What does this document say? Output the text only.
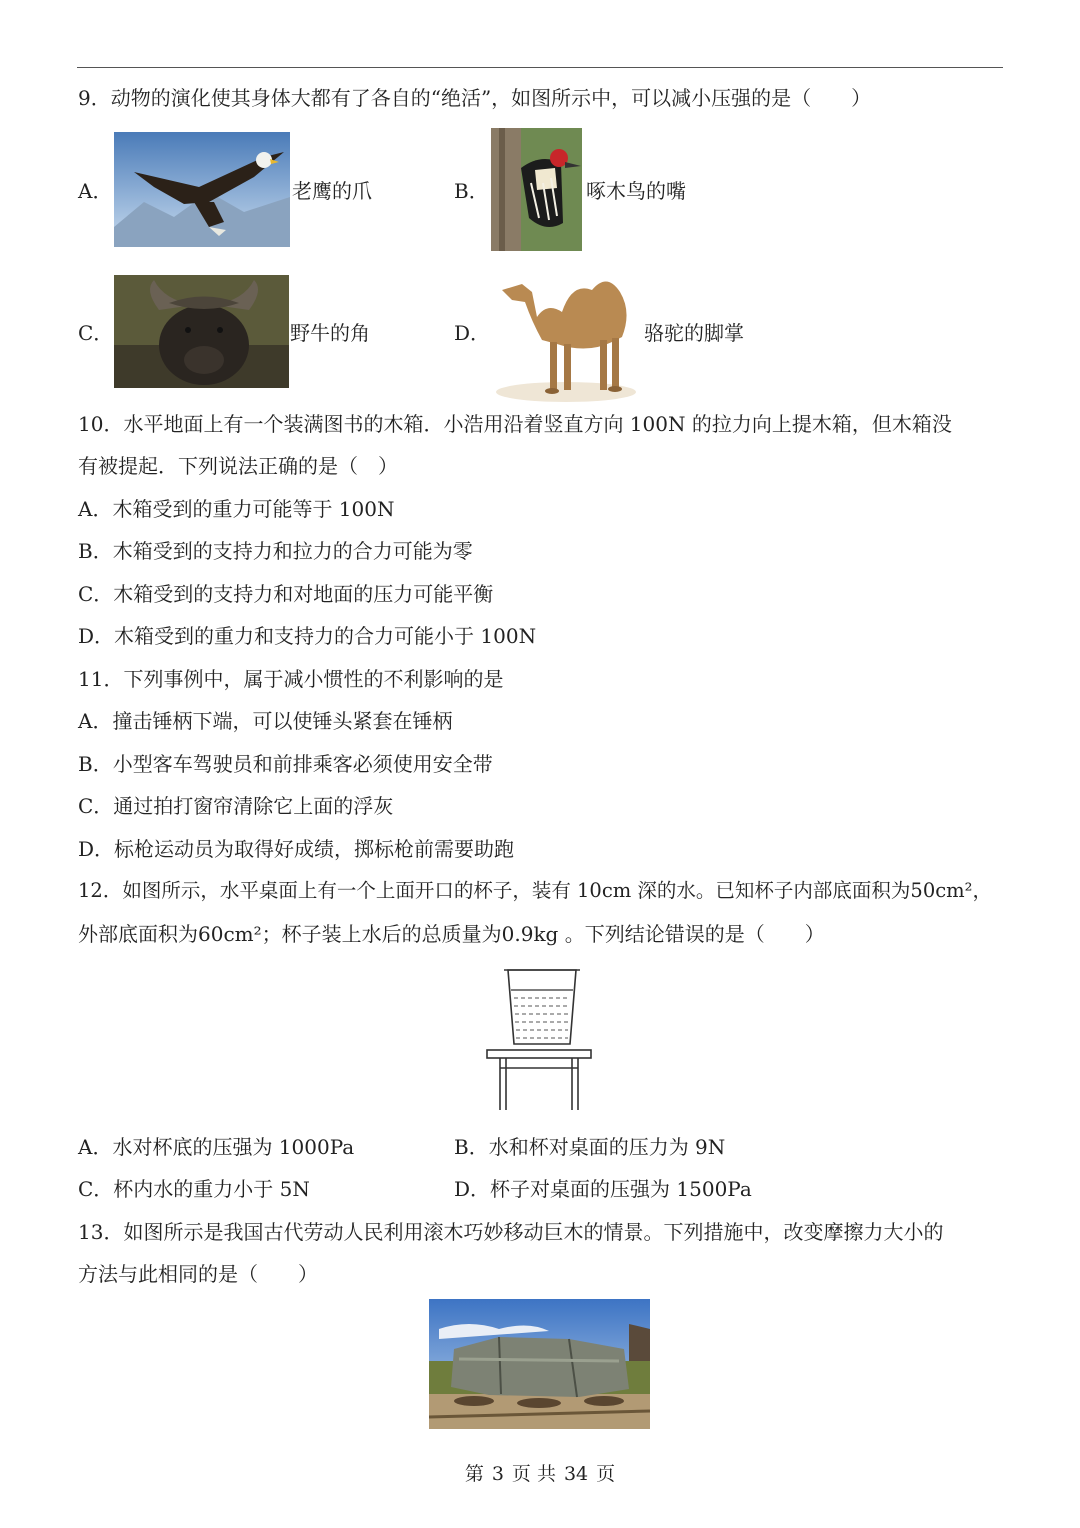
9．动物的演化使其身体大都有了各自的“绝活”，如图所示中，可以减小压强的是（　　）
A．	老鹰的爪	B．	啄木鸟的嘴
C．	野牛的角	D．	骆驼的脚掌
10．水平地面上有一个装满图书的木箱．小浩用沿着竖直方向 100N 的拉力向上提木箱，但木箱没
有被提起．下列说法正确的是（　）
A．木箱受到的重力可能等于 100N
B．木箱受到的支持力和拉力的合力可能为零
C．木箱受到的支持力和对地面的压力可能平衡
D．木箱受到的重力和支持力的合力可能小于 100N
11．下列事例中，属于减小惯性的不利影响的是
A．撞击锤柄下端，可以使锤头紧套在锤柄
B．小型客车驾驶员和前排乘客必须使用安全带
C．通过拍打窗帘清除它上面的浮灰
D．标枪运动员为取得好成绩，掷标枪前需要助跑
12．如图所示，水平桌面上有一个上面开口的杯子，装有 10cm 深的水。已知杯子内部底面积为50cm²，
外部底面积为60cm²；杯子装上水后的总质量为0.9kg 。下列结论错误的是（　　）
A．水对杯底的压强为 1000Pa	B．水和杯对桌面的压力为 9N
C．杯内水的重力小于 5N	D．杯子对桌面的压强为 1500Pa
13．如图所示是我国古代劳动人民利用滚木巧妙移动巨木的情景。下列措施中，改变摩擦力大小的
方法与此相同的是（　　）
第 3 页 共 34 页
